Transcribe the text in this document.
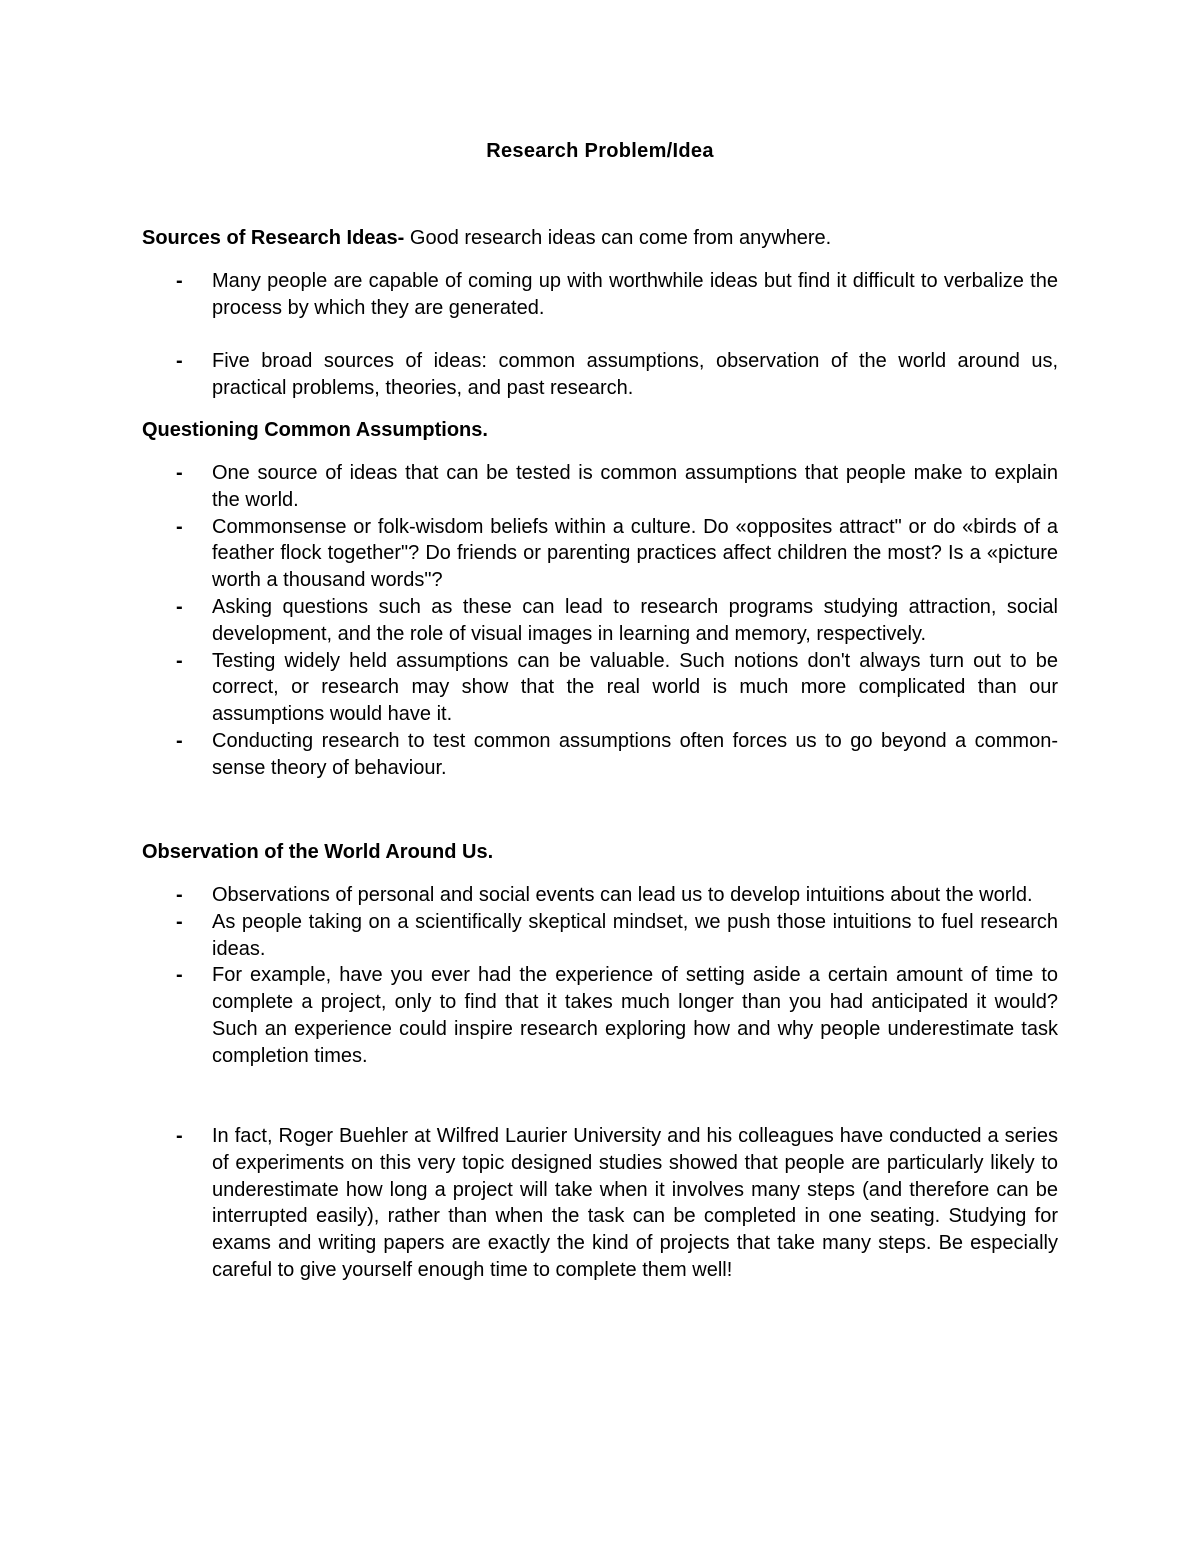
Research Problem/Idea

Sources of Research Ideas- Good research ideas can come from anywhere.

- Many people are capable of coming up with worthwhile ideas but find it difficult to verbalize the process by which they are generated.
- Five broad sources of ideas: common assumptions, observation of the world around us, practical problems, theories, and past research.

Questioning Common Assumptions.

- One source of ideas that can be tested is common assumptions that people make to explain the world.
- Commonsense or folk-wisdom beliefs within a culture. Do «opposites attract" or do «birds of a feather flock together"? Do friends or parenting practices affect children the most? Is a «picture worth a thousand words"?
- Asking questions such as these can lead to research programs studying attraction, social development, and the role of visual images in learning and memory, respectively.
- Testing widely held assumptions can be valuable. Such notions don't always turn out to be correct, or research may show that the real world is much more complicated than our assumptions would have it.
- Conducting research to test common assumptions often forces us to go beyond a common-sense theory of behaviour.

Observation of the World Around Us.

- Observations of personal and social events can lead us to develop intuitions about the world.
- As people taking on a scientifically skeptical mindset, we push those intuitions to fuel research ideas.
- For example, have you ever had the experience of setting aside a certain amount of time to complete a project, only to find that it takes much longer than you had anticipated it would? Such an experience could inspire research exploring how and why people underestimate task completion times.
- In fact, Roger Buehler at Wilfred Laurier University and his colleagues have conducted a series of experiments on this very topic designed studies showed that people are particularly likely to underestimate how long a project will take when it involves many steps (and therefore can be interrupted easily), rather than when the task can be completed in one seating. Studying for exams and writing papers are exactly the kind of projects that take many steps. Be especially careful to give yourself enough time to complete them well!
